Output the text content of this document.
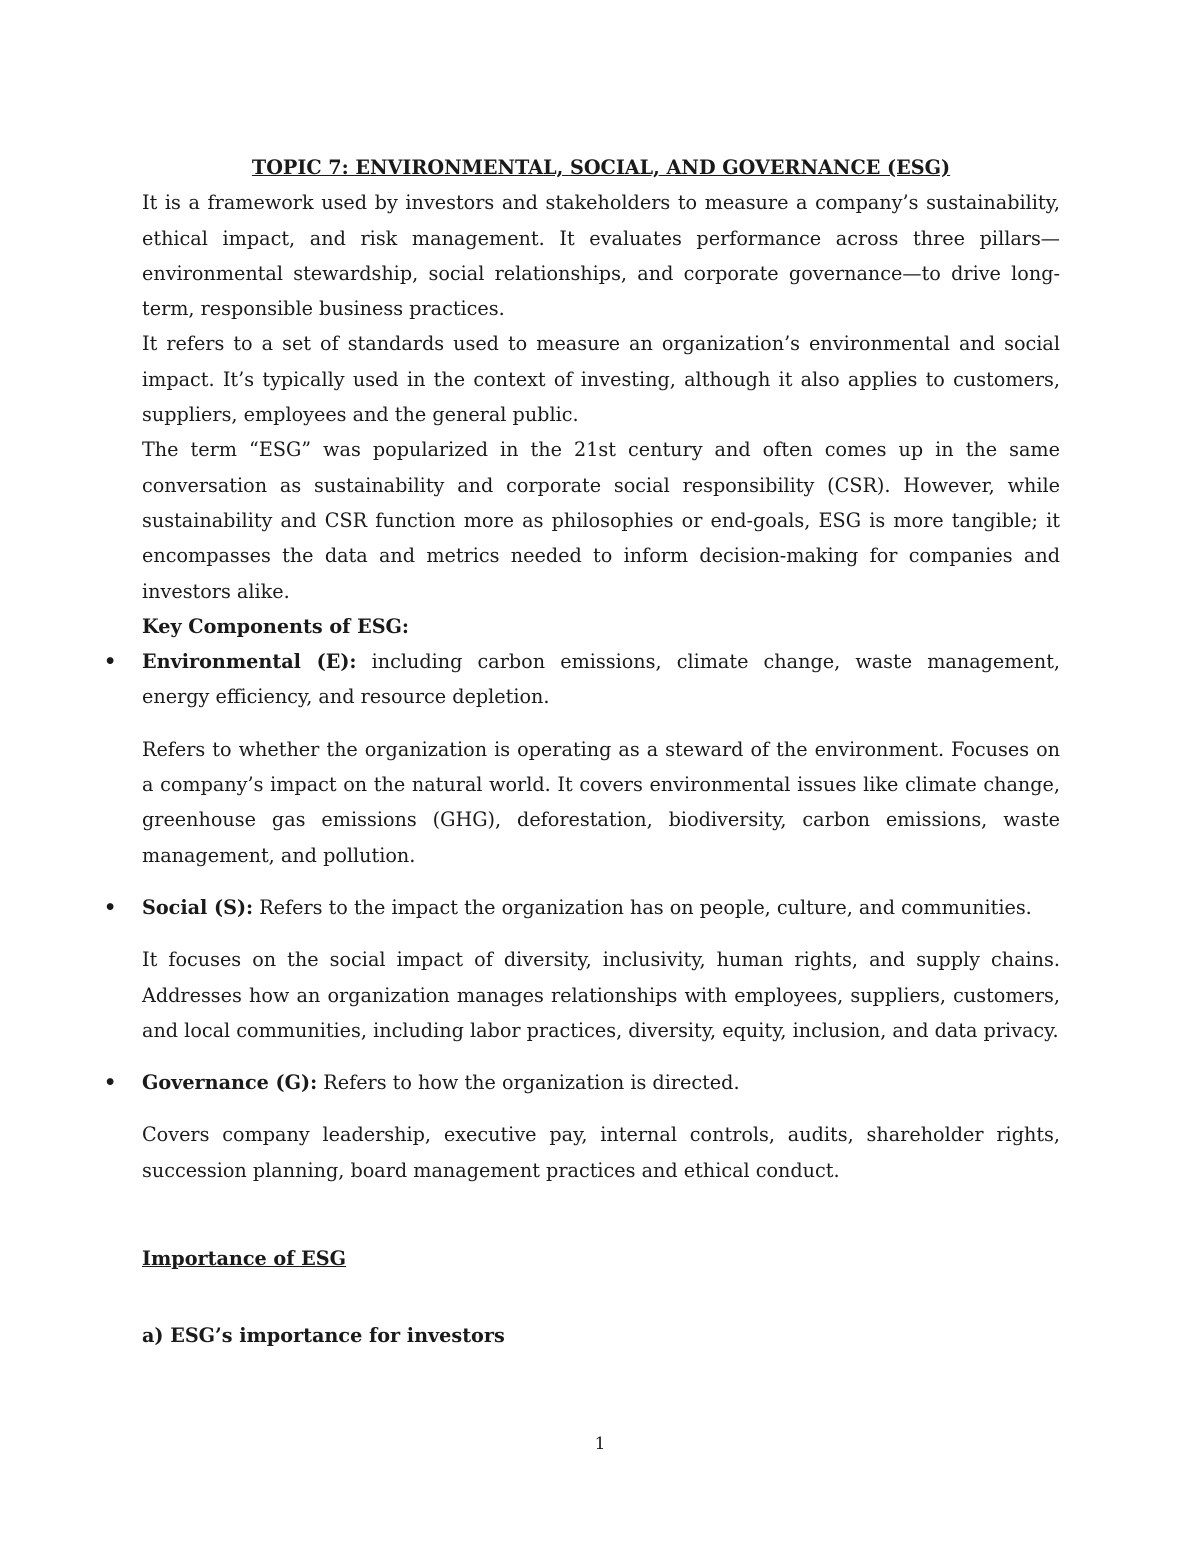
TOPIC 7: ENVIRONMENTAL, SOCIAL, AND GOVERNANCE (ESG)

It is a framework used by investors and stakeholders to measure a company’s sustainability, ethical impact, and risk management. It evaluates performance across three pillars—environmental stewardship, social relationships, and corporate governance—to drive long-term, responsible business practices.

It refers to a set of standards used to measure an organization’s environmental and social impact. It’s typically used in the context of investing, although it also applies to customers, suppliers, employees and the general public.

The term “ESG” was popularized in the 21st century and often comes up in the same conversation as sustainability and corporate social responsibility (CSR). However, while sustainability and CSR function more as philosophies or end-goals, ESG is more tangible; it encompasses the data and metrics needed to inform decision-making for companies and investors alike.

Key Components of ESG:

• Environmental (E): including carbon emissions, climate change, waste management, energy efficiency, and resource depletion.

Refers to whether the organization is operating as a steward of the environment. Focuses on a company’s impact on the natural world. It covers environmental issues like climate change, greenhouse gas emissions (GHG), deforestation, biodiversity, carbon emissions, waste management, and pollution.

• Social (S): Refers to the impact the organization has on people, culture, and communities.

It focuses on the social impact of diversity, inclusivity, human rights, and supply chains. Addresses how an organization manages relationships with employees, suppliers, customers, and local communities, including labor practices, diversity, equity, inclusion, and data privacy.

• Governance (G): Refers to how the organization is directed.

Covers company leadership, executive pay, internal controls, audits, shareholder rights, succession planning, board management practices and ethical conduct.

Importance of ESG

a) ESG’s importance for investors

1
